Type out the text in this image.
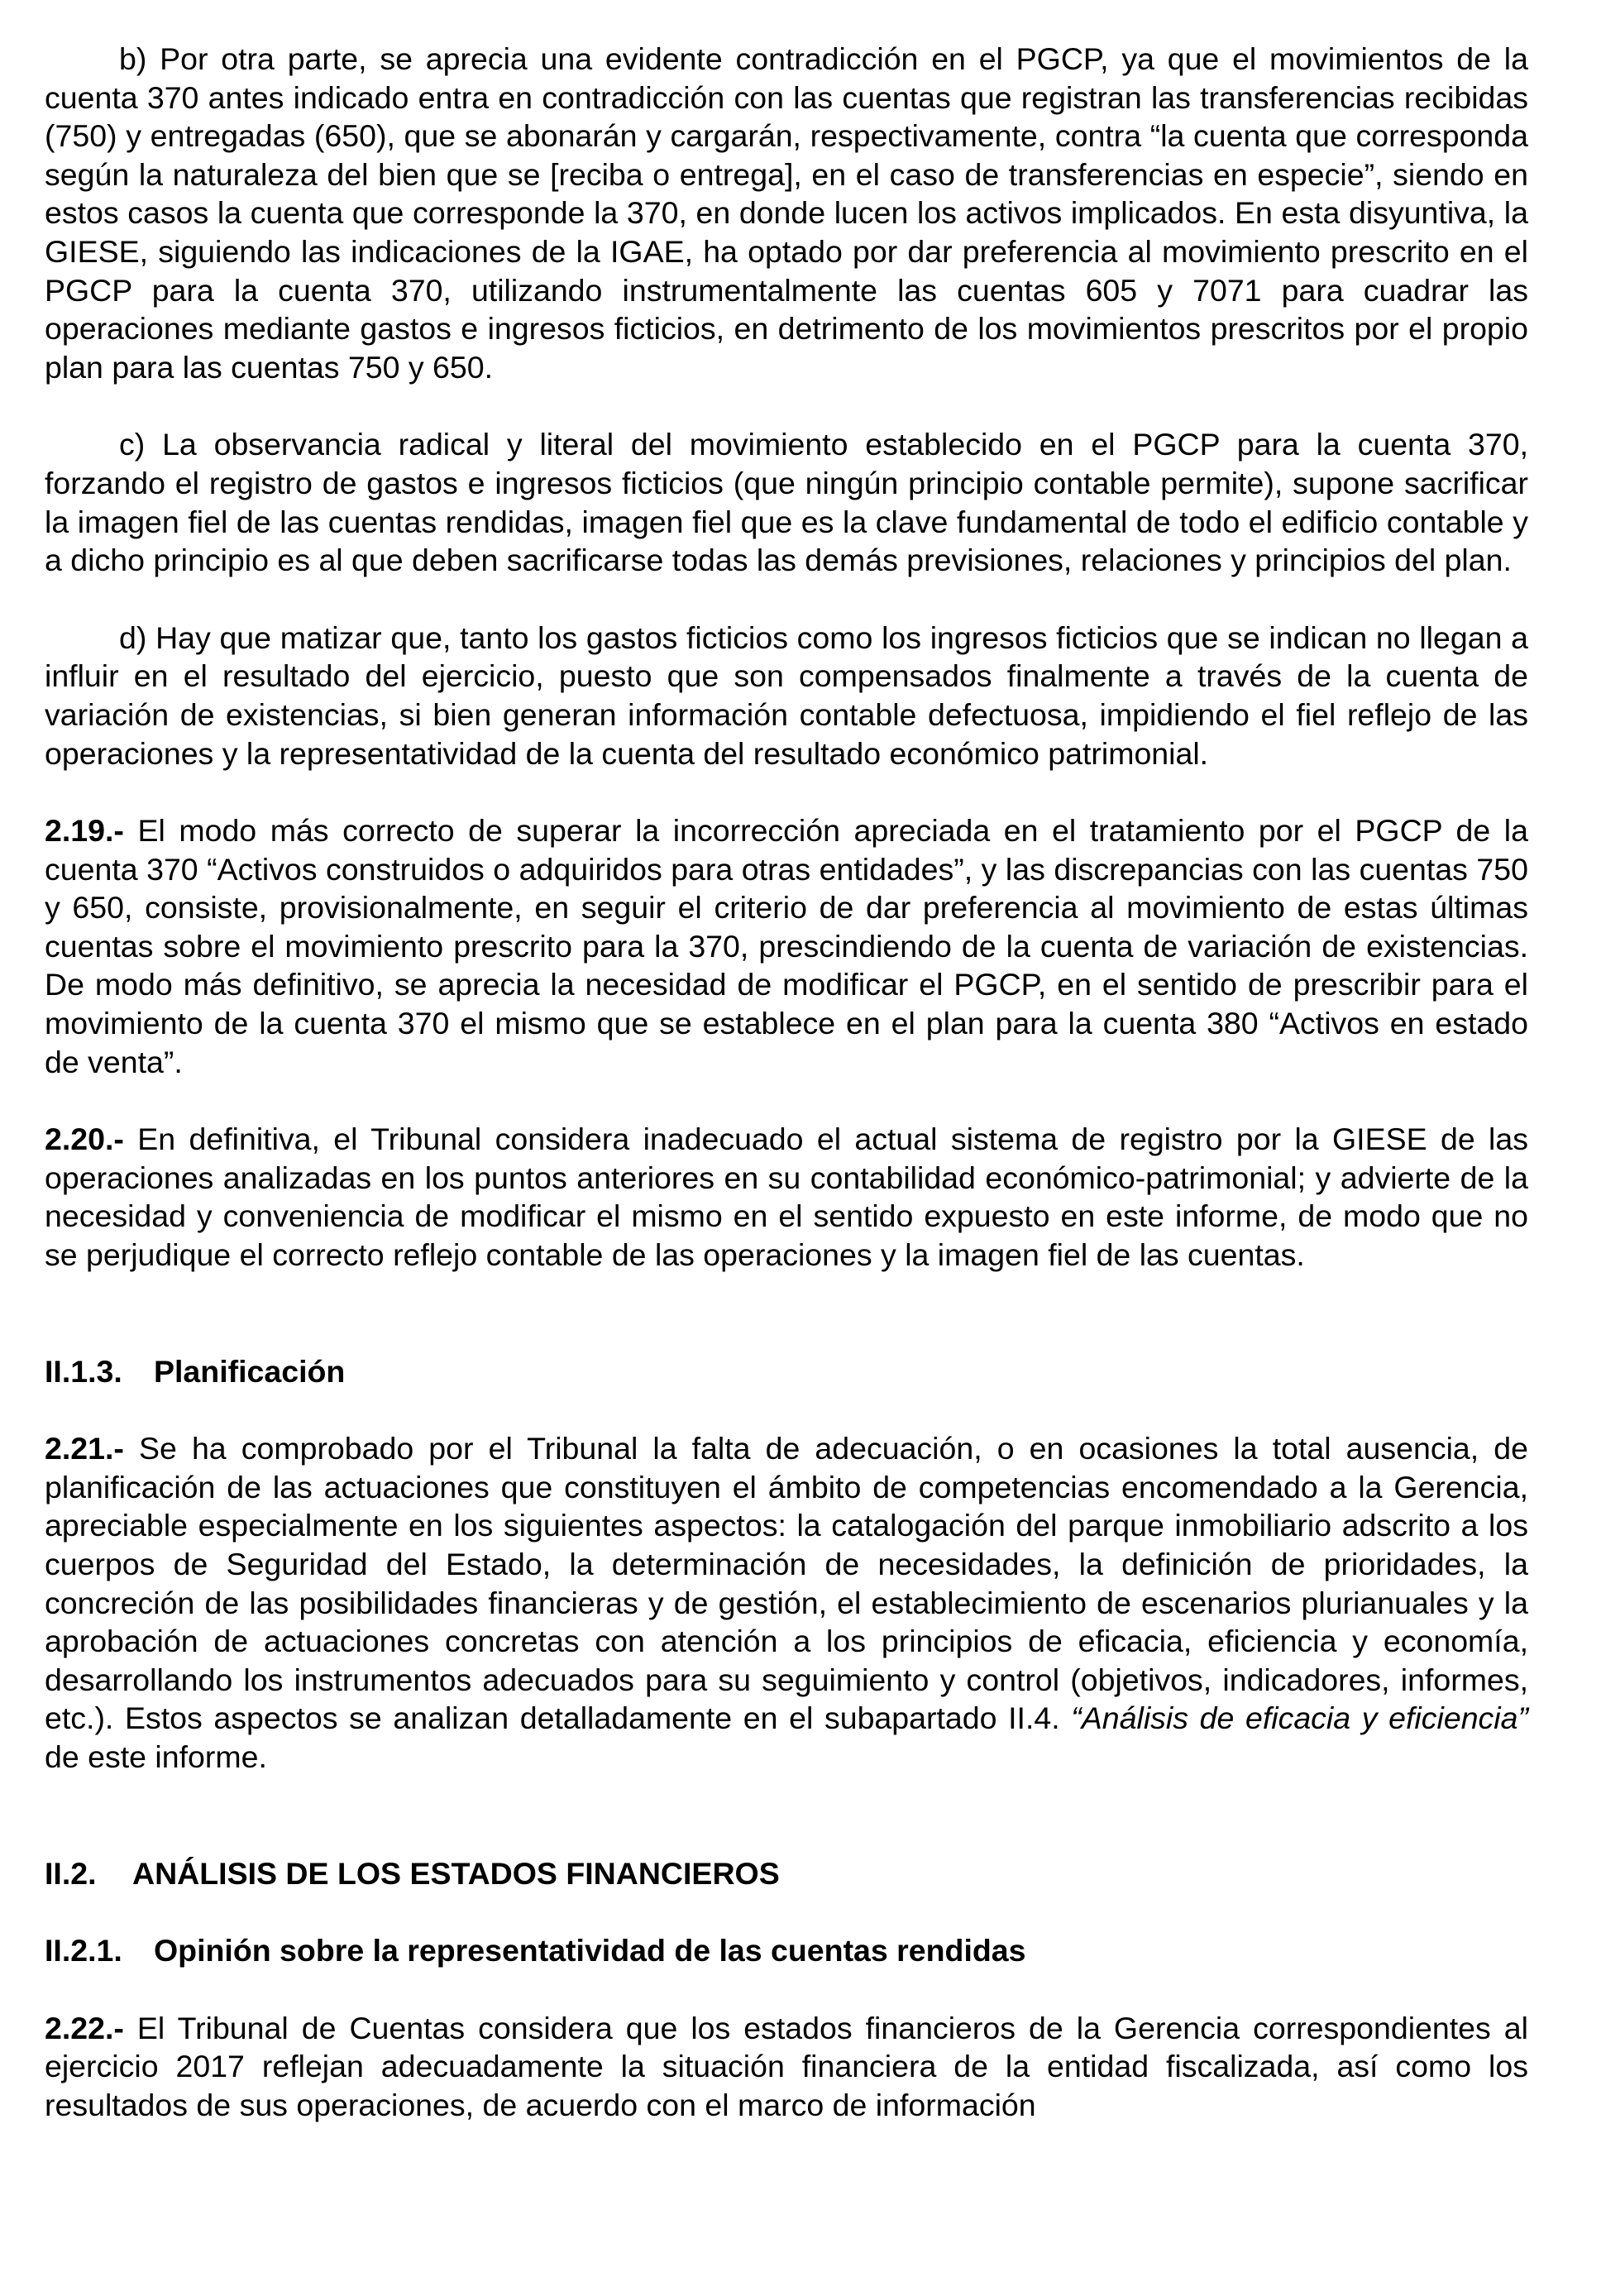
b) Por otra parte, se aprecia una evidente contradicción en el PGCP, ya que el movimientos de la cuenta 370 antes indicado entra en contradicción con las cuentas que registran las transferencias recibidas (750) y entregadas (650), que se abonarán y cargarán, respectivamente, contra “la cuenta que corresponda según la naturaleza del bien que se [reciba o entrega], en el caso de transferencias en especie”, siendo en estos casos la cuenta que corresponde la 370, en donde lucen los activos implicados. En esta disyuntiva, la GIESE, siguiendo las indicaciones de la IGAE, ha optado por dar preferencia al movimiento prescrito en el PGCP para la cuenta 370, utilizando instrumentalmente las cuentas 605 y 7071 para cuadrar las operaciones mediante gastos e ingresos ficticios, en detrimento de los movimientos prescritos por el propio plan para las cuentas 750 y 650.

c) La observancia radical y literal del movimiento establecido en el PGCP para la cuenta 370, forzando el registro de gastos e ingresos ficticios (que ningún principio contable permite), supone sacrificar la imagen fiel de las cuentas rendidas, imagen fiel que es la clave fundamental de todo el edificio contable y a dicho principio es al que deben sacrificarse todas las demás previsiones, relaciones y principios del plan.

d) Hay que matizar que, tanto los gastos ficticios como los ingresos ficticios que se indican no llegan a influir en el resultado del ejercicio, puesto que son compensados finalmente a través de la cuenta de variación de existencias, si bien generan información contable defectuosa, impidiendo el fiel reflejo de las operaciones y la representatividad de la cuenta del resultado económico patrimonial.

2.19.- El modo más correcto de superar la incorrección apreciada en el tratamiento por el PGCP de la cuenta 370 “Activos construidos o adquiridos para otras entidades”, y las discrepancias con las cuentas 750 y 650, consiste, provisionalmente, en seguir el criterio de dar preferencia al movimiento de estas últimas cuentas sobre el movimiento prescrito para la 370, prescindiendo de la cuenta de variación de existencias. De modo más definitivo, se aprecia la necesidad de modificar el PGCP, en el sentido de prescribir para el movimiento de la cuenta 370 el mismo que se establece en el plan para la cuenta 380 “Activos en estado de venta”.

2.20.- En definitiva, el Tribunal considera inadecuado el actual sistema de registro por la GIESE de las operaciones analizadas en los puntos anteriores en su contabilidad económico-patrimonial; y advierte de la necesidad y conveniencia de modificar el mismo en el sentido expuesto en este informe, de modo que no se perjudique el correcto reflejo contable de las operaciones y la imagen fiel de las cuentas.

II.1.3. Planificación

2.21.- Se ha comprobado por el Tribunal la falta de adecuación, o en ocasiones la total ausencia, de planificación de las actuaciones que constituyen el ámbito de competencias encomendado a la Gerencia, apreciable especialmente en los siguientes aspectos: la catalogación del parque inmobiliario adscrito a los cuerpos de Seguridad del Estado, la determinación de necesidades, la definición de prioridades, la concreción de las posibilidades financieras y de gestión, el establecimiento de escenarios plurianuales y la aprobación de actuaciones concretas con atención a los principios de eficacia, eficiencia y economía, desarrollando los instrumentos adecuados para su seguimiento y control (objetivos, indicadores, informes, etc.). Estos aspectos se analizan detalladamente en el subapartado II.4. “Análisis de eficacia y eficiencia” de este informe.

II.2. ANÁLISIS DE LOS ESTADOS FINANCIEROS
II.2.1. Opinión sobre la representatividad de las cuentas rendidas

2.22.- El Tribunal de Cuentas considera que los estados financieros de la Gerencia correspondientes al ejercicio 2017 reflejan adecuadamente la situación financiera de la entidad fiscalizada, así como los resultados de sus operaciones, de acuerdo con el marco de información
